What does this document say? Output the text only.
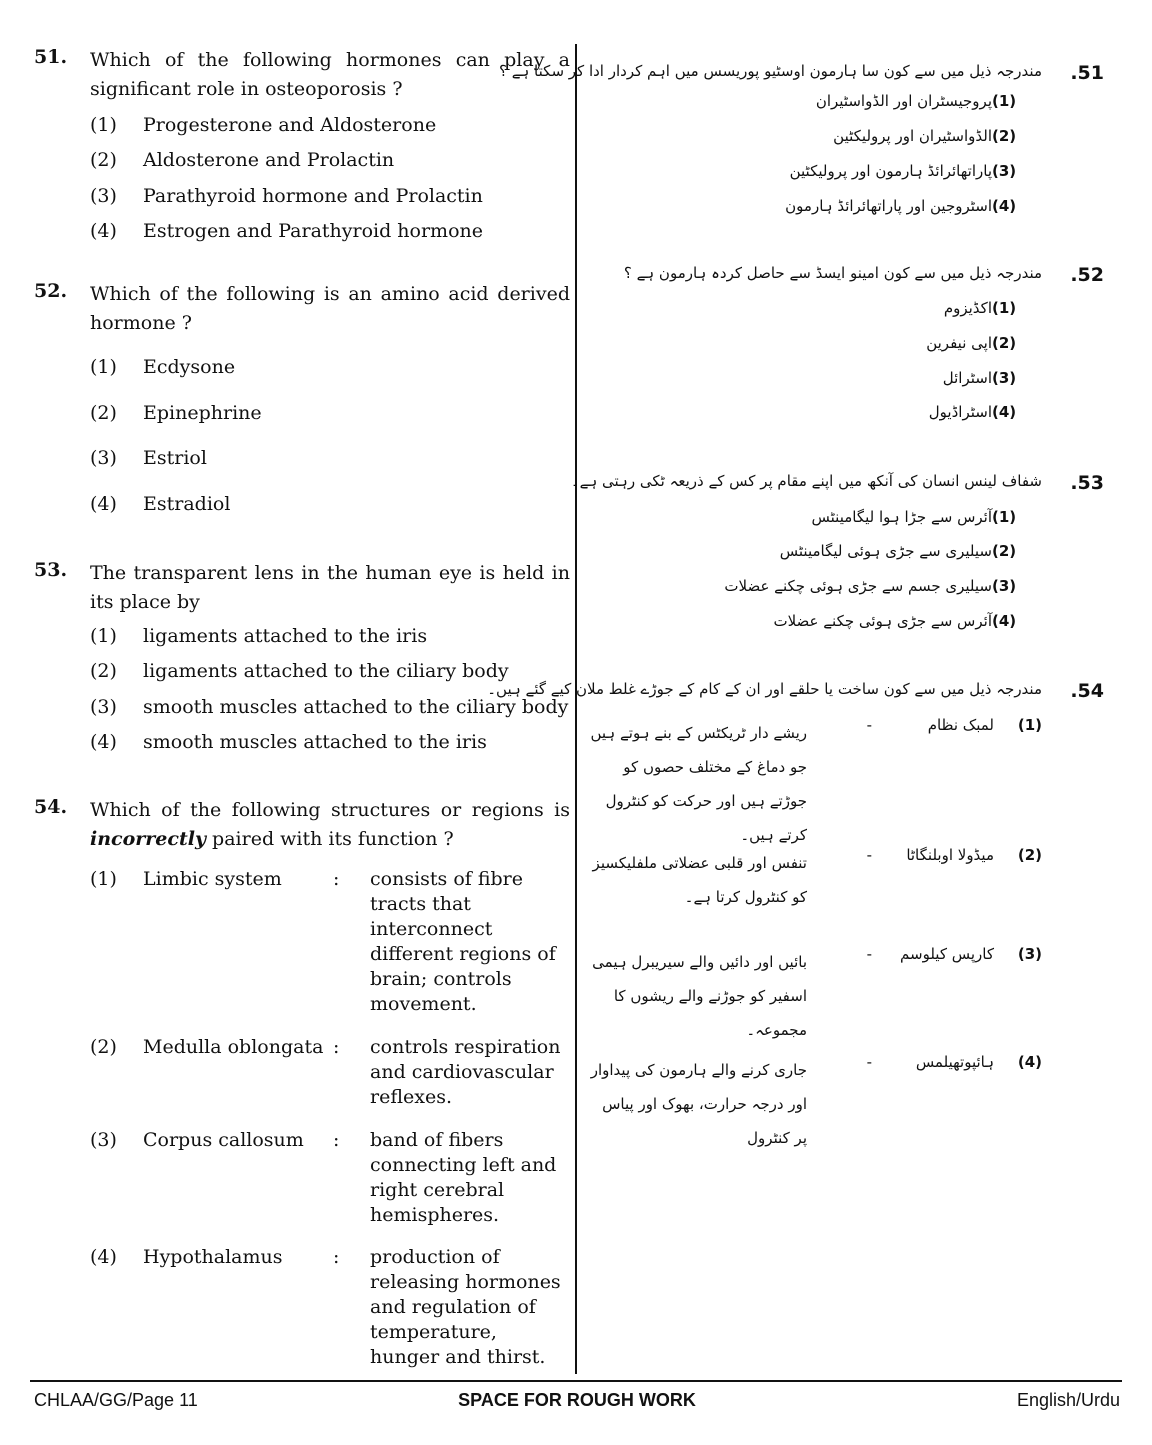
51. Which of the following hormones can play a significant role in osteoporosis ?
(1) Progesterone and Aldosterone
(2) Aldosterone and Prolactin
(3) Parathyroid hormone and Prolactin
(4) Estrogen and Parathyroid hormone
52. Which of the following is an amino acid derived hormone ?
(1) Ecdysone
(2) Epinephrine
(3) Estriol
(4) Estradiol
53. The transparent lens in the human eye is held in its place by
(1) ligaments attached to the iris
(2) ligaments attached to the ciliary body
(3) smooth muscles attached to the ciliary body
(4) smooth muscles attached to the iris
54. Which of the following structures or regions is incorrectly paired with its function ?
(1) Limbic system	: consists of fibre tracts that interconnect different regions of brain; controls movement.
(2) Medulla oblongata : controls respiration and cardiovascular reflexes.
(3) Corpus callosum : band of fibers connecting left and right cerebral hemispheres.
(4) Hypothalamus	: production of releasing hormones and regulation of temperature, hunger and thirst.
.51
مندرجہ ذیل میں سے کون سا ہارمون اوسٹیو پوریسس میں اہم کردار ادا کر سکتا ہے ؟
(1)پروجیسٹران اور الڈواسٹیران
(2)الڈواسٹیران اور پرولیکٹین
(3)پاراتھائرائڈ ہارمون اور پرولیکٹین
(4)اسٹروجین اور پاراتھائرائڈ ہارمون
.52
مندرجہ ذیل میں سے کون امینو ایسڈ سے حاصل کردہ ہارمون ہے ؟
(1)اکڈیزوم
(2)اپی نیفرین
(3)اسٹرائل
(4)اسٹراڈیول
.53
شفاف لینس انسان کی آنکھ میں اپنے مقام پر کس کے ذریعہ ٹکی رہتی ہے۔
(1)آئرس سے جڑا ہوا لیگامینٹس
(2)سیلیری سے جڑی ہوئی لیگامینٹس
(3)سیلیری جسم سے جڑی ہوئی چکنے عضلات
(4)آئرس سے جڑی ہوئی چکنے عضلات
.54
مندرجہ ذیل میں سے کون ساخت یا حلقے اور ان کے کام کے جوڑے غلط ملان کیے گئے ہیں۔
(1)
لمبک نظام
-
ریشے دار ٹریکٹس کے بنے ہوتے ہیں جو دماغ کے مختلف حصوں کو جوڑتے ہیں اور حرکت کو کنٹرول کرتے ہیں۔
(2)
میڈولا اوبلنگاٹا
-
تنفس اور قلبی عضلاتی ملفلیکسیز کو کنٹرول کرتا ہے۔
(3)
کارپس کیلوسم
-
بائیں اور دائیں والے سیریبرل ہیمی اسفیر کو جوڑنے والے ریشوں کا مجموعہ۔
(4)
ہائپوتھیلمس
-
جاری کرنے والے ہارمون کی پیداوار اور درجہ حرارت، بھوک اور پیاس پر کنٹرول
CHLAA/GG/Page 11	SPACE FOR ROUGH WORK	English/Urdu
